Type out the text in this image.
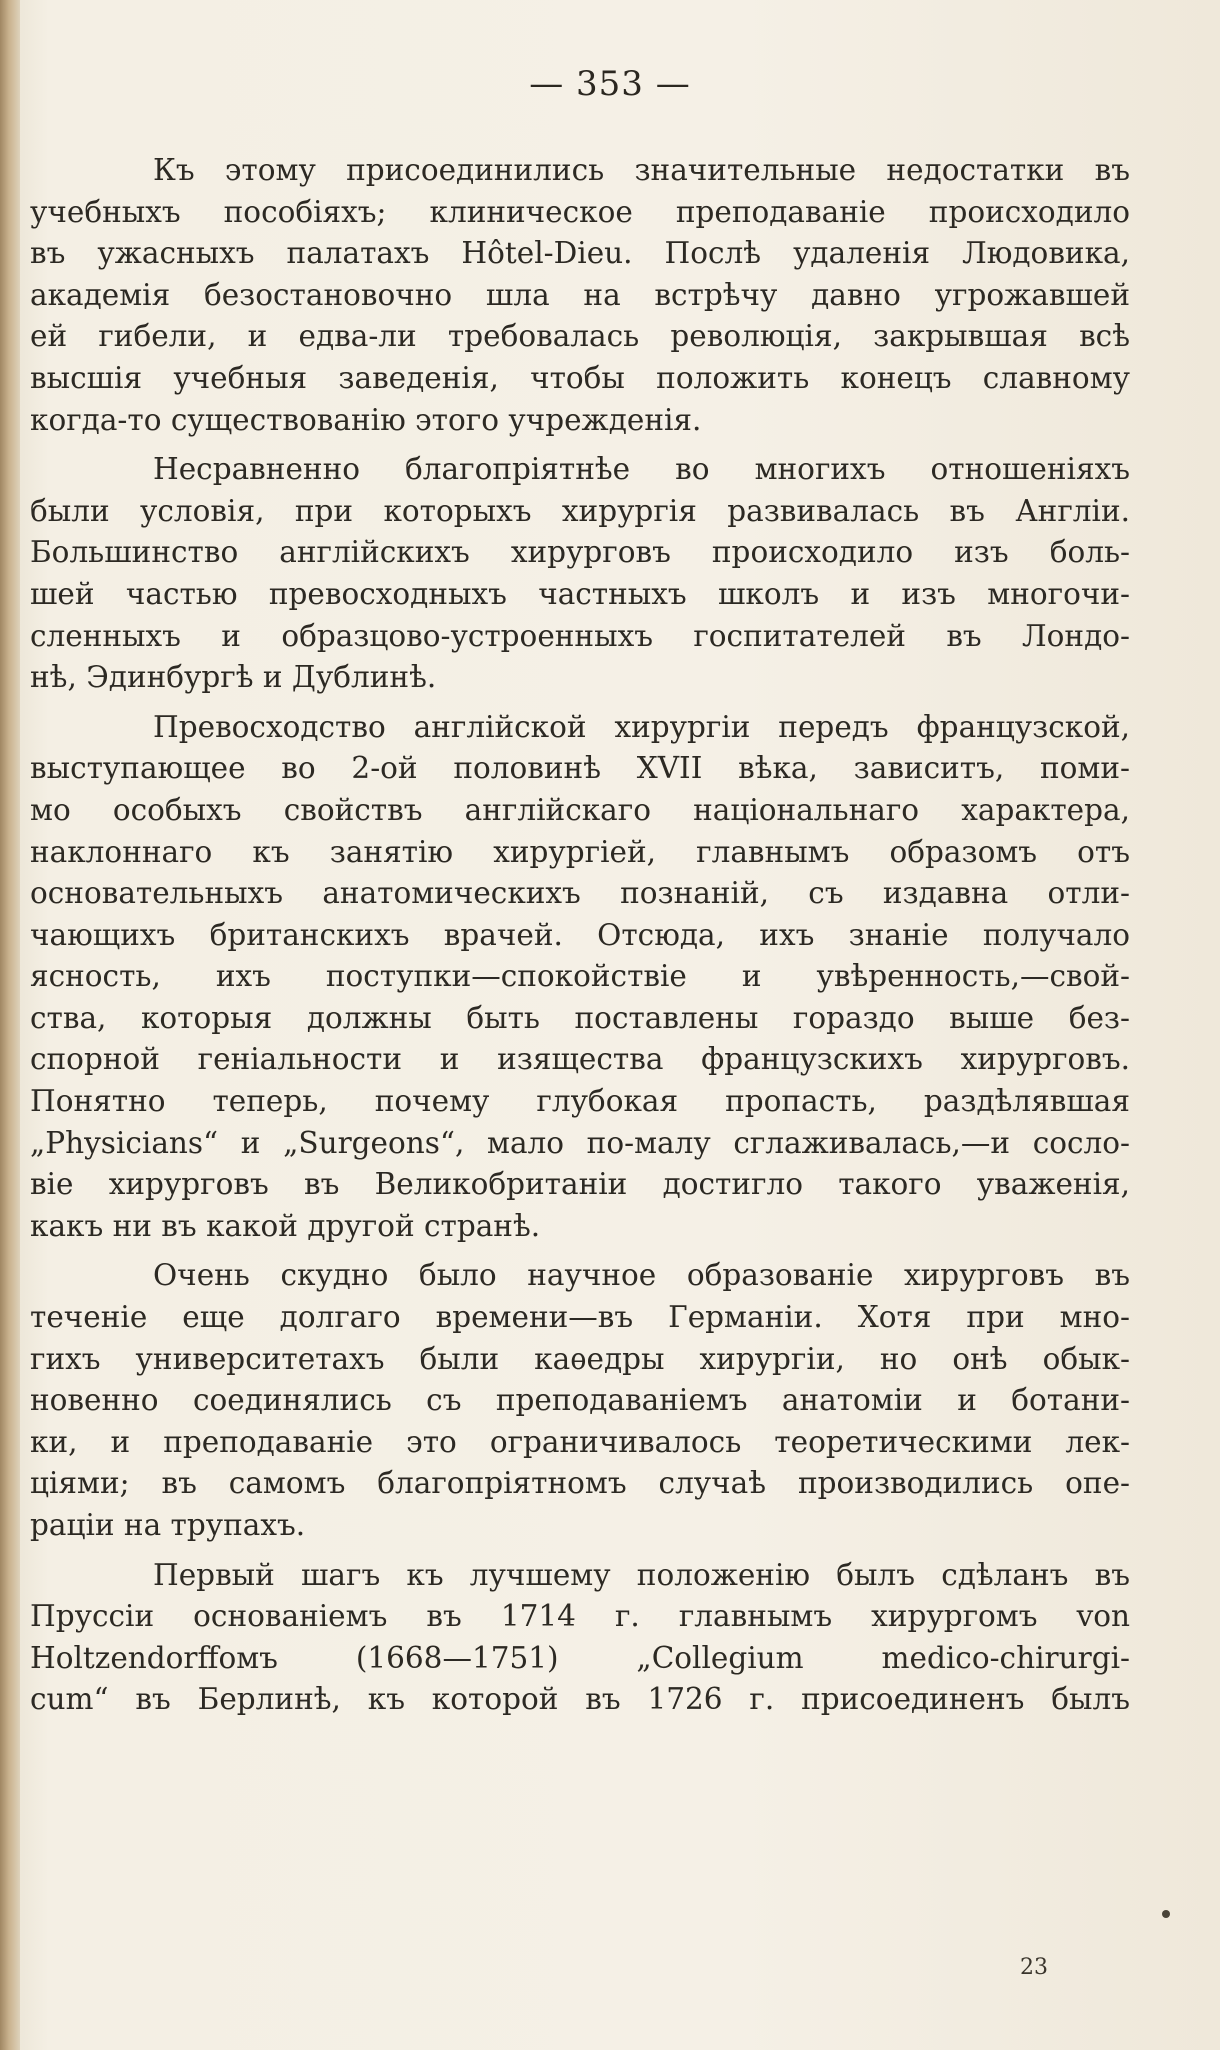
— 353 —
Къ этому присоединились значительные недостатки въ
учебныхъ пособіяхъ; клиническое преподаваніе происходило
въ ужасныхъ палатахъ Hôtel-Dieu. Послѣ удаленія Людовика,
академія безостановочно шла на встрѣчу давно угрожавшей
ей гибели, и едва-ли требовалась революція, закрывшая всѣ
высшія учебныя заведенія, чтобы положить конецъ славному
когда-то существованію этого учрежденія.
Несравненно благопріятнѣе во многихъ отношеніяхъ
были условія, при которыхъ хирургія развивалась въ Англіи.
Большинство англійскихъ хирурговъ происходило изъ боль-
шей частью превосходныхъ частныхъ школъ и изъ многочи-
сленныхъ и образцово-устроенныхъ госпитателей въ Лондо-
нѣ, Эдинбургѣ и Дублинѣ.
Превосходство англійской хирургіи передъ французской,
выступающее во 2-ой половинѣ XVII вѣка, зависитъ, поми-
мо особыхъ свойствъ англійскаго національнаго характера,
наклоннаго къ занятію хирургіей, главнымъ образомъ отъ
основательныхъ анатомическихъ познаній, съ издавна отли-
чающихъ британскихъ врачей. Отсюда, ихъ знаніе получало
ясность, ихъ поступки—спокойствіе и увѣренность,—свой-
ства, которыя должны быть поставлены гораздо выше без-
спорной геніальности и изящества французскихъ хирурговъ.
Понятно теперь, почему глубокая пропасть, раздѣлявшая
„Physicians“ и „Surgeons“, мало по-малу сглаживалась,—и сосло-
віе хирурговъ въ Великобританіи достигло такого уваженія,
какъ ни въ какой другой странѣ.
Очень скудно было научное образованіе хирурговъ въ
теченіе еще долгаго времени—въ Германіи. Хотя при мно-
гихъ университетахъ были каѳедры хирургіи, но онѣ обык-
новенно соединялись съ преподаваніемъ анатоміи и ботани-
ки, и преподаваніе это ограничивалось теоретическими лек-
ціями; въ самомъ благопріятномъ случаѣ производились опе-
раціи на трупахъ.
Первый шагъ къ лучшему положенію былъ сдѣланъ въ
Пруссіи основаніемъ въ 1714 г. главнымъ хирургомъ von
Holtzendorffомъ (1668—1751) „Collegium medico-chirurgi-
cum“ въ Берлинѣ, къ которой въ 1726 г. присоединенъ былъ
23
